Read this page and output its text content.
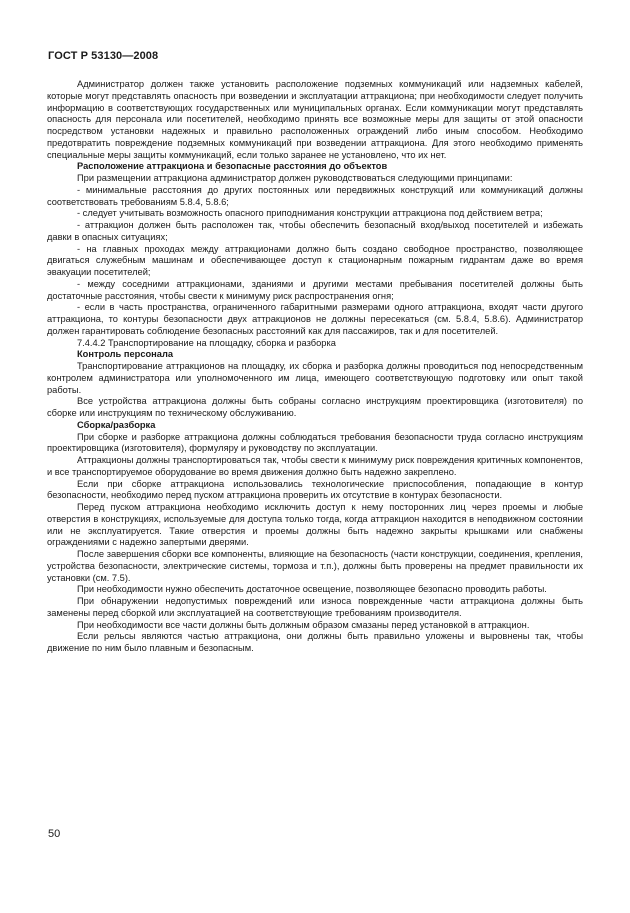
ГОСТ Р 53130—2008

Администратор должен также установить расположение подземных коммуникаций или надземных кабелей, которые могут представлять опасность при возведении и эксплуатации аттракциона; при необходимости следует получить информацию в соответствующих государственных или муниципальных органах. Если коммуникации могут представлять опасность для персонала или посетителей, необходимо принять все возможные меры для защиты от этой опасности посредством установки надежных и правильно расположенных ограждений либо иным способом. Необходимо предотвратить повреждение подземных коммуникаций при возведении аттракциона. Для этого необходимо применять специальные меры защиты коммуникаций, если только заранее не установлено, что их нет.

Расположение аттракциона и безопасные расстояния до объектов

При размещении аттракциона администратор должен руководствоваться следующими принципами:

- минимальные расстояния до других постоянных или передвижных конструкций или коммуникаций должны соответствовать требованиям 5.8.4, 5.8.6;

- следует учитывать возможность опасного приподнимания конструкции аттракциона под действием ветра;

- аттракцион должен быть расположен так, чтобы обеспечить безопасный вход/выход посетителей и избежать давки в опасных ситуациях;

- на главных проходах между аттракционами должно быть создано свободное пространство, позволяющее двигаться служебным машинам и обеспечивающее доступ к стационарным пожарным гидрантам даже во время эвакуации посетителей;

- между соседними аттракционами, зданиями и другими местами пребывания посетителей должны быть достаточные расстояния, чтобы свести к минимуму риск распространения огня;

- если в часть пространства, ограниченного габаритными размерами одного аттракциона, входят части другого аттракциона, то контуры безопасности двух аттракционов не должны пересекаться (см. 5.8.4, 5.8.6). Администратор должен гарантировать соблюдение безопасных расстояний как для пассажиров, так и для посетителей.

7.4.4.2 Транспортирование на площадку, сборка и разборка

Контроль персонала

Транспортирование аттракционов на площадку, их сборка и разборка должны проводиться под непосредственным контролем администратора или уполномоченного им лица, имеющего соответствующую подготовку или опыт такой работы.

Все устройства аттракциона должны быть собраны согласно инструкциям проектировщика (изготовителя) по сборке или инструкциям по техническому обслуживанию.

Сборка/разборка

При сборке и разборке аттракциона должны соблюдаться требования безопасности труда согласно инструкциям проектировщика (изготовителя), формуляру и руководству по эксплуатации.

Аттракционы должны транспортироваться так, чтобы свести к минимуму риск повреждения критичных компонентов, и все транспортируемое оборудование во время движения должно быть надежно закреплено.

Если при сборке аттракциона использовались технологические приспособления, попадающие в контур безопасности, необходимо перед пуском аттракциона проверить их отсутствие в контурах безопасности.

Перед пуском аттракциона необходимо исключить доступ к нему посторонних лиц через проемы и любые отверстия в конструкциях, используемые для доступа только тогда, когда аттракцион находится в неподвижном состоянии или не эксплуатируется. Такие отверстия и проемы должны быть надежно закрыты крышками или снабжены ограждениями с надежно запертыми дверями.

После завершения сборки все компоненты, влияющие на безопасность (части конструкции, соединения, крепления, устройства безопасности, электрические системы, тормоза и т.п.), должны быть проверены на предмет правильности их установки (см. 7.5).

При необходимости нужно обеспечить достаточное освещение, позволяющее безопасно проводить работы.

При обнаружении недопустимых повреждений или износа поврежденные части аттракциона должны быть заменены перед сборкой или эксплуатацией на соответствующие требованиям производителя.

При необходимости все части должны быть должным образом смазаны перед установкой в аттракцион.

Если рельсы являются частью аттракциона, они должны быть правильно уложены и выровнены так, чтобы движение по ним было плавным и безопасным.

50
